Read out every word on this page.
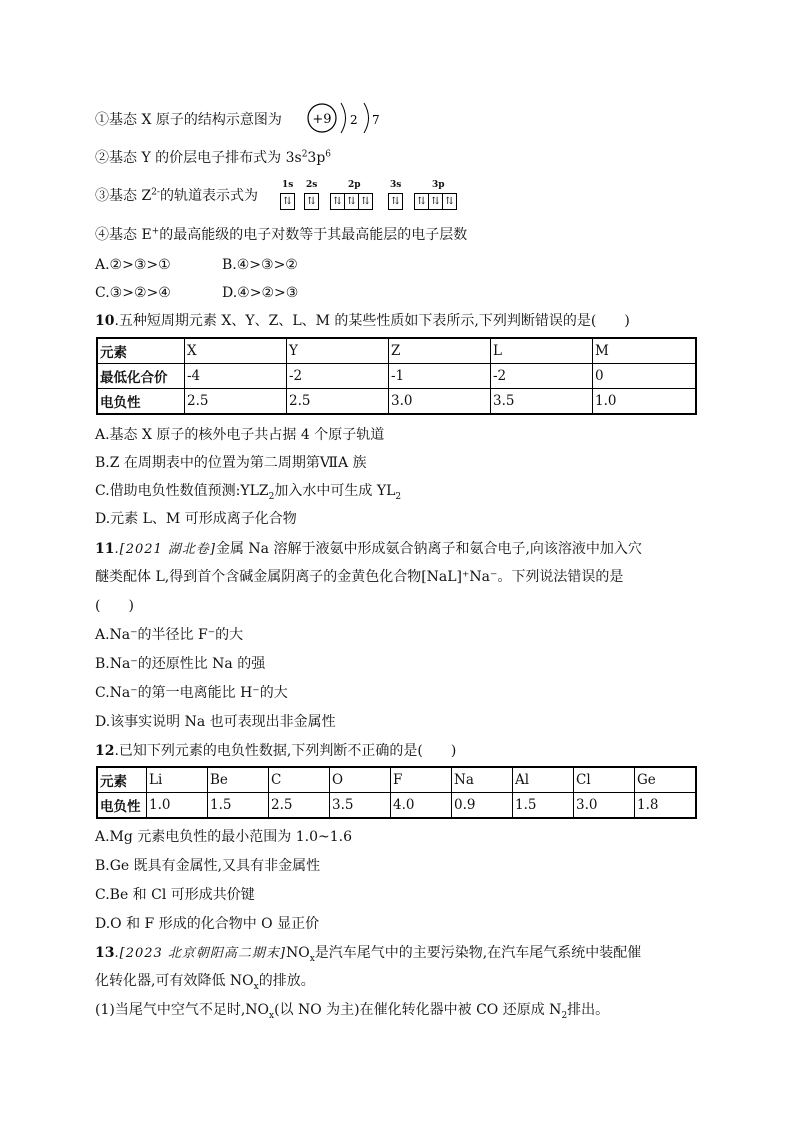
①基态 X 原子的结构示意图为 +9 2 7
②基态 Y 的价层电子排布式为 $3s^23p^6$
③基态 $Z^{2-}$的轨道表示式为
1s
⇅
2s
⇅
2p
⇅ ⇅ ⇅
3s
⇅
3p
⇅ ⇅ ⇅
④基态 E+的最高能级的电子对数等于其最高能层的电子层数
A.②>③>①	B.④>③>②
C.③>②>④	D.④>②>③
10.五种短周期元素 X、Y、Z、L、M 的某些性质如下表所示,下列判断错误的是(　　)
元素	X	Y	Z	L	M
最低化合价	-4	-2	-1	-2	0
电负性	2.5	2.5	3.0	3.5	1.0
A.基态 X 原子的核外电子共占据 4 个原子轨道
B.Z 在周期表中的位置为第二周期第ⅦA 族
C.借助电负性数值预测$:YLZ_2$加入水中可生成 $YL_2$
D.元素 L、M 可形成离子化合物
11.[2021 湖北卷]金属 Na 溶解于液氨中形成氨合钠离子和氨合电子,向该溶液中加入穴
醚类配体 L,得到首个含碱金属阴离子的金黄色化合物[NaL]⁺Na⁻。下列说法错误的是
(　　)
A.Na⁻的半径比 F⁻的大
B.Na⁻的还原性比 Na 的强
C.Na⁻的第一电离能比 H⁻的大
D.该事实说明 Na 也可表现出非金属性
12.已知下列元素的电负性数据,下列判断不正确的是(　　)
元素	Li	Be	C	O	F	Na	Al	Cl	Ge
电负性	1.0	1.5	2.5	3.5	4.0	0.9	1.5	3.0	1.8
A.Mg 元素电负性的最小范围为 1.0~1.6
B.Ge 既具有金属性,又具有非金属性
C.Be 和 Cl 可形成共价键
D.O 和 F 形成的化合物中 O 显正价
13.[2023 北京朝阳高二期末]$NO_x$是汽车尾气中的主要污染物,在汽车尾气系统中装配催
化转化器,可有效降低 $NO_x$的排放。
(1)当尾气中空气不足时$,NO_x$(以 NO 为主)在催化转化器中被 CO 还原成 $N_2$排出。
